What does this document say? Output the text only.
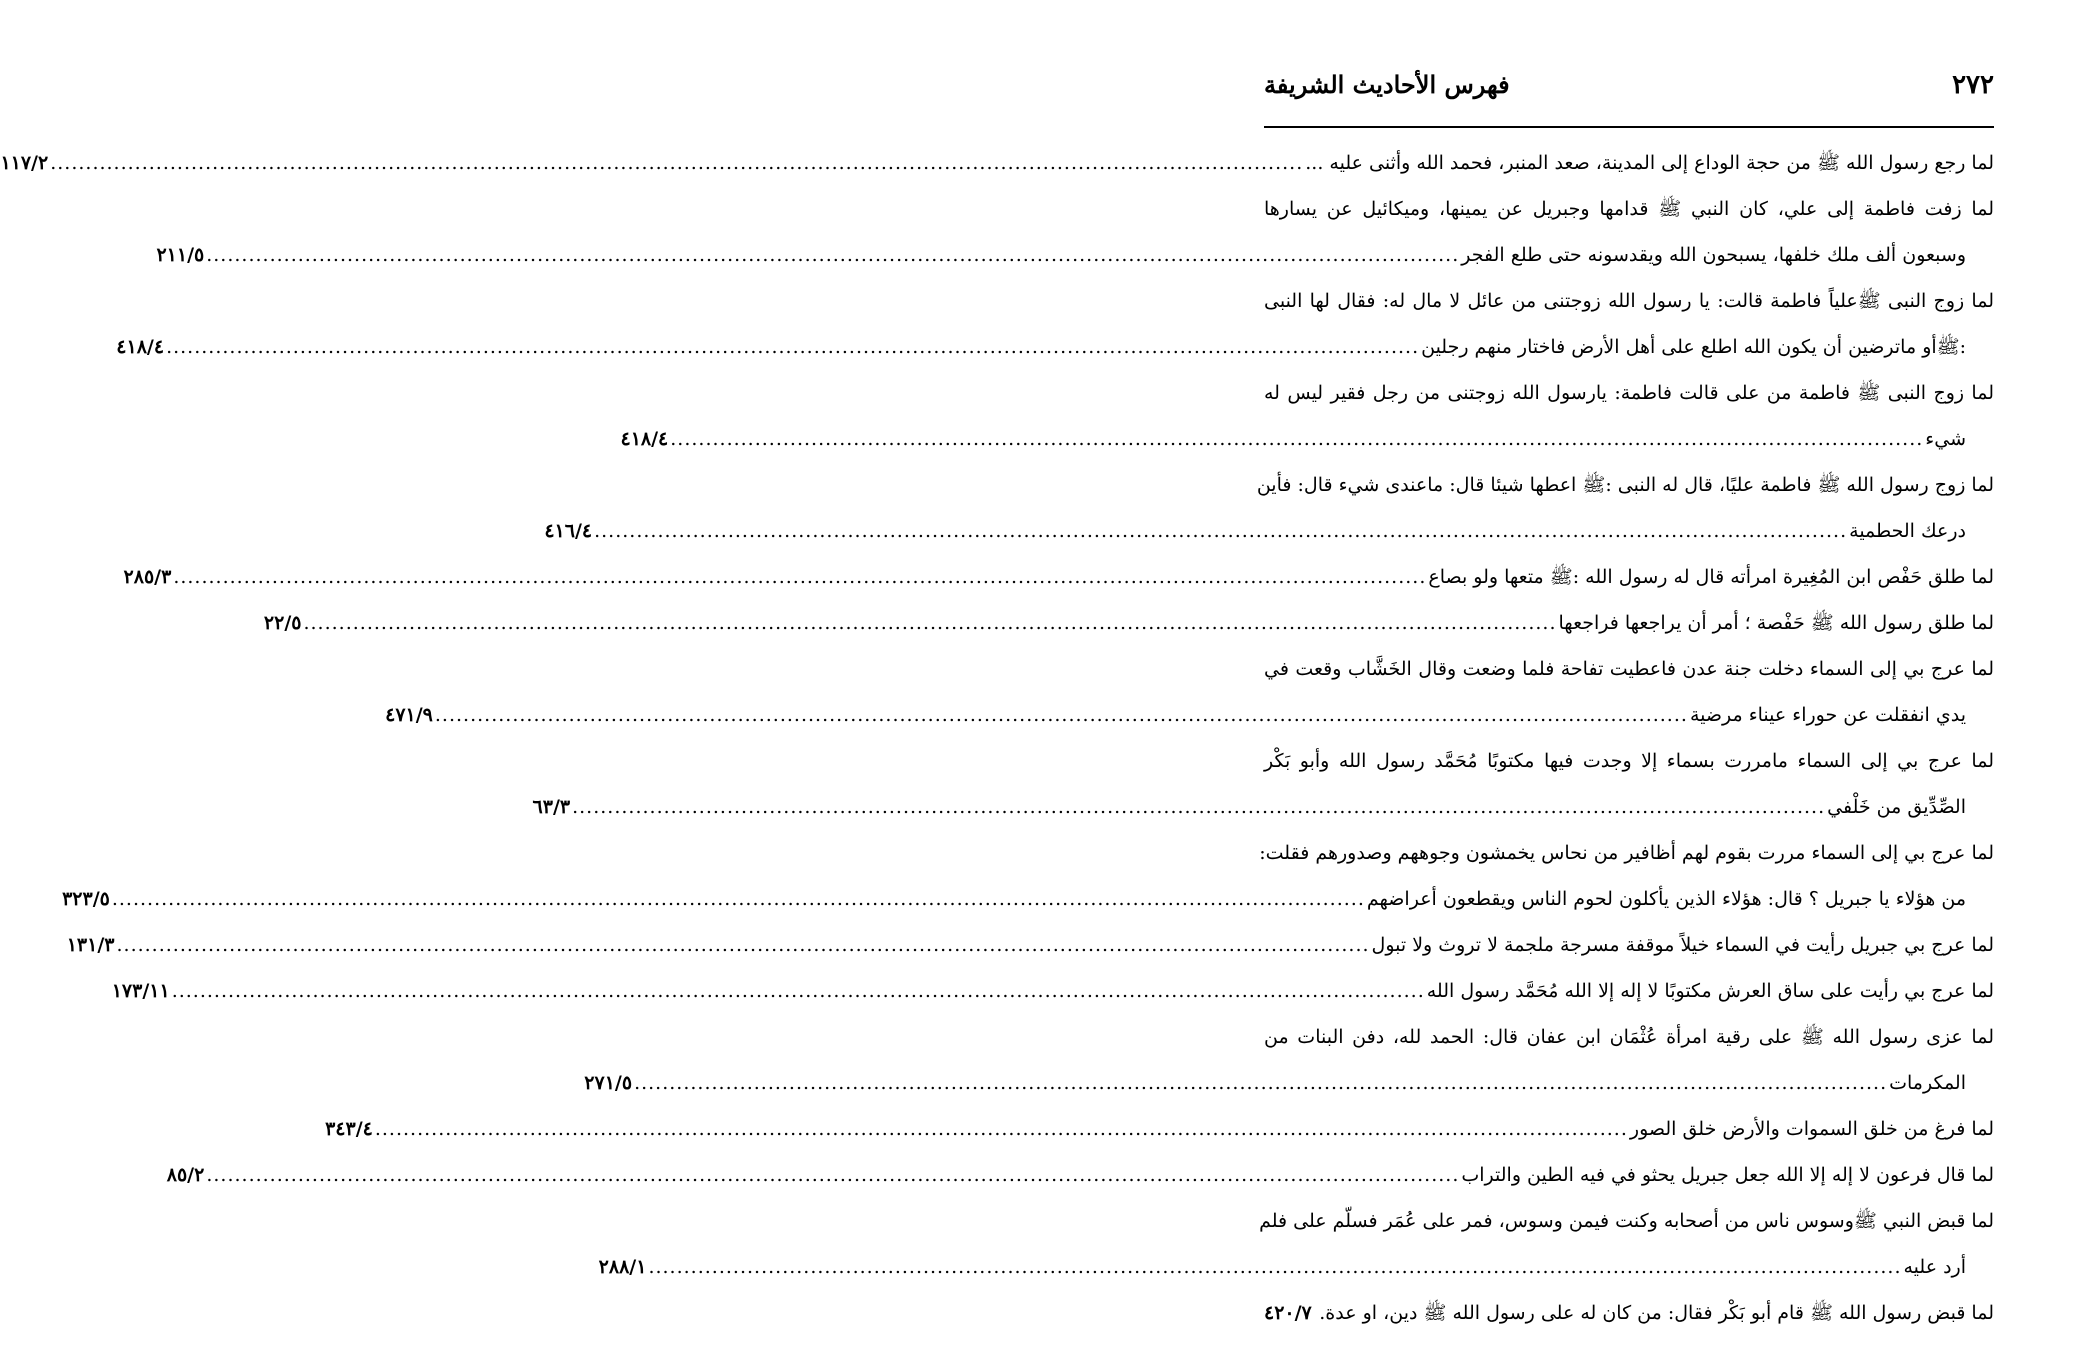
٢٧٢
فهرس الأحاديث الشريفة
لما رجع رسول الله ﷺ من حجة الوداع إلى المدينة، صعد المنبر، فحمد الله وأثنى عليه ...
.....
١١٧/٢
لما زفت فاطمة إلى علي، كان النبي ﷺ قدامها وجبريل عن يمينها، وميكائيل عن يسارها
وسبعون ألف ملك خلفها، يسبحون الله ويقدسونه حتى طلع الفجر
.....
٢١١/٥
لما زوج النبى ﷺعلياً فاطمة قالت: يا رسول الله زوجتنى من عائل لا مال له: فقال لها النبى
:ﷺأو ماترضين أن يكون الله اطلع على أهل الأرض فاختار منهم رجلين
.....
٤١٨/٤
لما زوج النبى ﷺ فاطمة من على قالت فاطمة: يارسول الله زوجتنى من رجل فقير ليس له
شيء
.....
٤١٨/٤
لما زوج رسول الله ﷺ فاطمة عليًا، قال له النبى :ﷺ اعطها شيئا قال: ماعندى شيء قال: فأين
درعك الحطمية
.....
٤١٦/٤
لما طلق حَفْص ابن المُغِيرة امرأته قال له رسول الله :ﷺ متعها ولو بصاع
.....
٢٨٥/٣
لما طلق رسول الله ﷺ حَفْصة ؛ أمر أن يراجعها فراجعها
.....
٢٢/٥
لما عرج بي إلى السماء دخلت جنة عدن فاعطيت تفاحة فلما وضعت وقال الخَشَّاب وقعت في
يدي انفقلت عن حوراء عيناء مرضية
.....
٤٧١/٩
لما عرج بي إلى السماء مامررت بسماء إلا وجدت فيها مكتوبًا مُحَمَّد رسول الله وأبو بَكْر
الصِّدِّيق من خَلْفي
.....
٦٣/٣
لما عرج بي إلى السماء مررت بقوم لهم أظافير من نحاس يخمشون وجوههم وصدورهم فقلت:
من هؤلاء يا جبريل ؟ قال: هؤلاء الذين يأكلون لحوم الناس ويقطعون أعراضهم
.....
٣٢٣/٥
لما عرج بي جبريل رأيت في السماء خيلاً موقفة مسرجة ملجمة لا تروث ولا تبول
.....
١٣١/٣
لما عرج بي رأيت على ساق العرش مكتوبًا لا إله إلا الله مُحَمَّد رسول الله
.....
١٧٣/١١
لما عزى رسول الله ﷺ على رقية امرأة عُثْمَان ابن عفان قال: الحمد لله، دفن البنات من
المكرمات
.....
٢٧١/٥
لما فرغ من خلق السموات والأرض خلق الصور
.....
٣٤٣/٤
لما قال فرعون لا إله إلا الله جعل جبريل يحثو في فيه الطين والتراب
.....
٨٥/٢
لما قبض النبي ﷺوسوس ناس من أصحابه وكنت فيمن وسوس، فمر على عُمَر فسلّم على فلم
أرد عليه
.....
٢٨٨/١
لما قبض رسول الله ﷺ قام أبو بَكْر فقال: من كان له على رسول الله ﷺ دين، او عدة.
٤٢٠/٧
